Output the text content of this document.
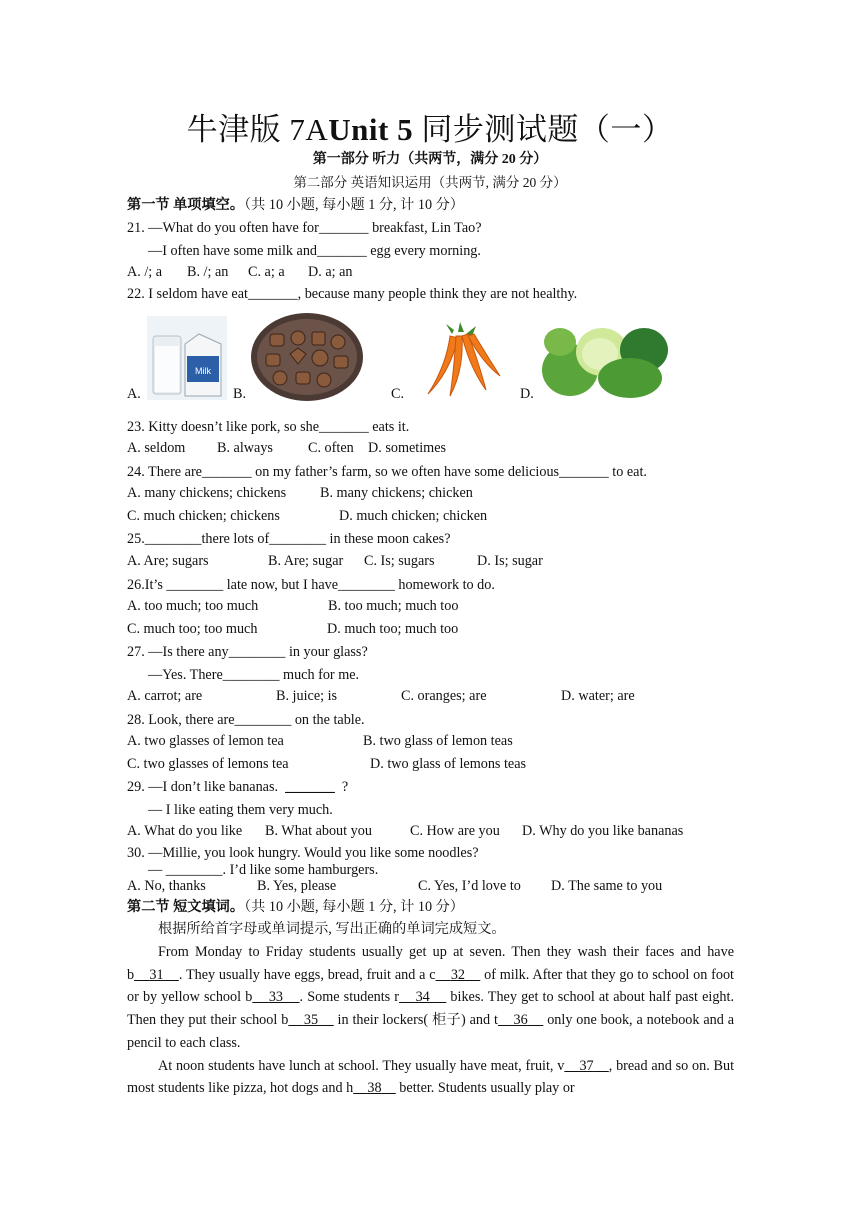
牛津版 7AUnit 5 同步测试题（一）
第一部分 听力（共两节，满分 20 分）
第二部分 英语知识运用（共两节, 满分 20 分）
第一节 单项填空。（共 10 小题, 每小题 1 分, 计 10 分）
21. —What do you often have for_______ breakfast, Lin Tao?
—I often have some milk and_______ egg every morning.
A. /; a B. /; an C. a; a D. a; an
22. I seldom have eat_______, because many people think they are not healthy.
A.
Milk
B.	C.	D.
23. Kitty doesn’t like pork, so she_______ eats it.
A. seldom B. always C. often D. sometimes
24. There are_______ on my father’s farm, so we often have some delicious_______ to eat.
A. many chickens; chickens B. many chickens; chicken
C. much chicken; chickens	D. much chicken; chicken
25.________there lots of________ in these moon cakes?
A. Are; sugars	B. Are; sugar C. Is; sugars	D. Is; sugar
26.It’s ________ late now, but I have________ homework to do.
A. too much; too much	B. too much; much too
C. much too; too much	D. much too; much too
27. —Is there any________ in your glass?
—Yes. There________ much for me.
A. carrot; are	B. juice; is	C. oranges; are	D. water; are
28. Look, there are________ on the table.
A. two glasses of lemon tea	B. two glass of lemon teas
C. two glasses of lemons tea	D. two glass of lemons teas
29. —I don’t like bananas. _______ ?
— I like eating them very much.
A. What do you like B. What about you	C. How are you D. Why do you like bananas
30. —Millie, you look hungry. Would you like some noodles?
— ________. I’d like some hamburgers.
A. No, thanks	B. Yes, please	C. Yes, I’d love to D. The same to you
第二节 短文填词。（共 10 小题, 每小题 1 分, 计 10 分）
根据所给首字母或单词提示, 写出正确的单词完成短文。
From Monday to Friday students usually get up at seven. Then they wash their faces and have b 31 . They usually have eggs, bread, fruit and a c 32     of milk. After that they go to school on foot or by yellow school b 33 . Some students r 34     bikes. They get to school at about half past eight. Then they put their school b 35     in their lockers( 柜子) and t 36     only one book, a notebook and a pencil to each class.
At noon students have lunch at school. They usually have meat, fruit, v 37 , bread and so on. But most students like pizza, hot dogs and h 38     better. Students usually play or
